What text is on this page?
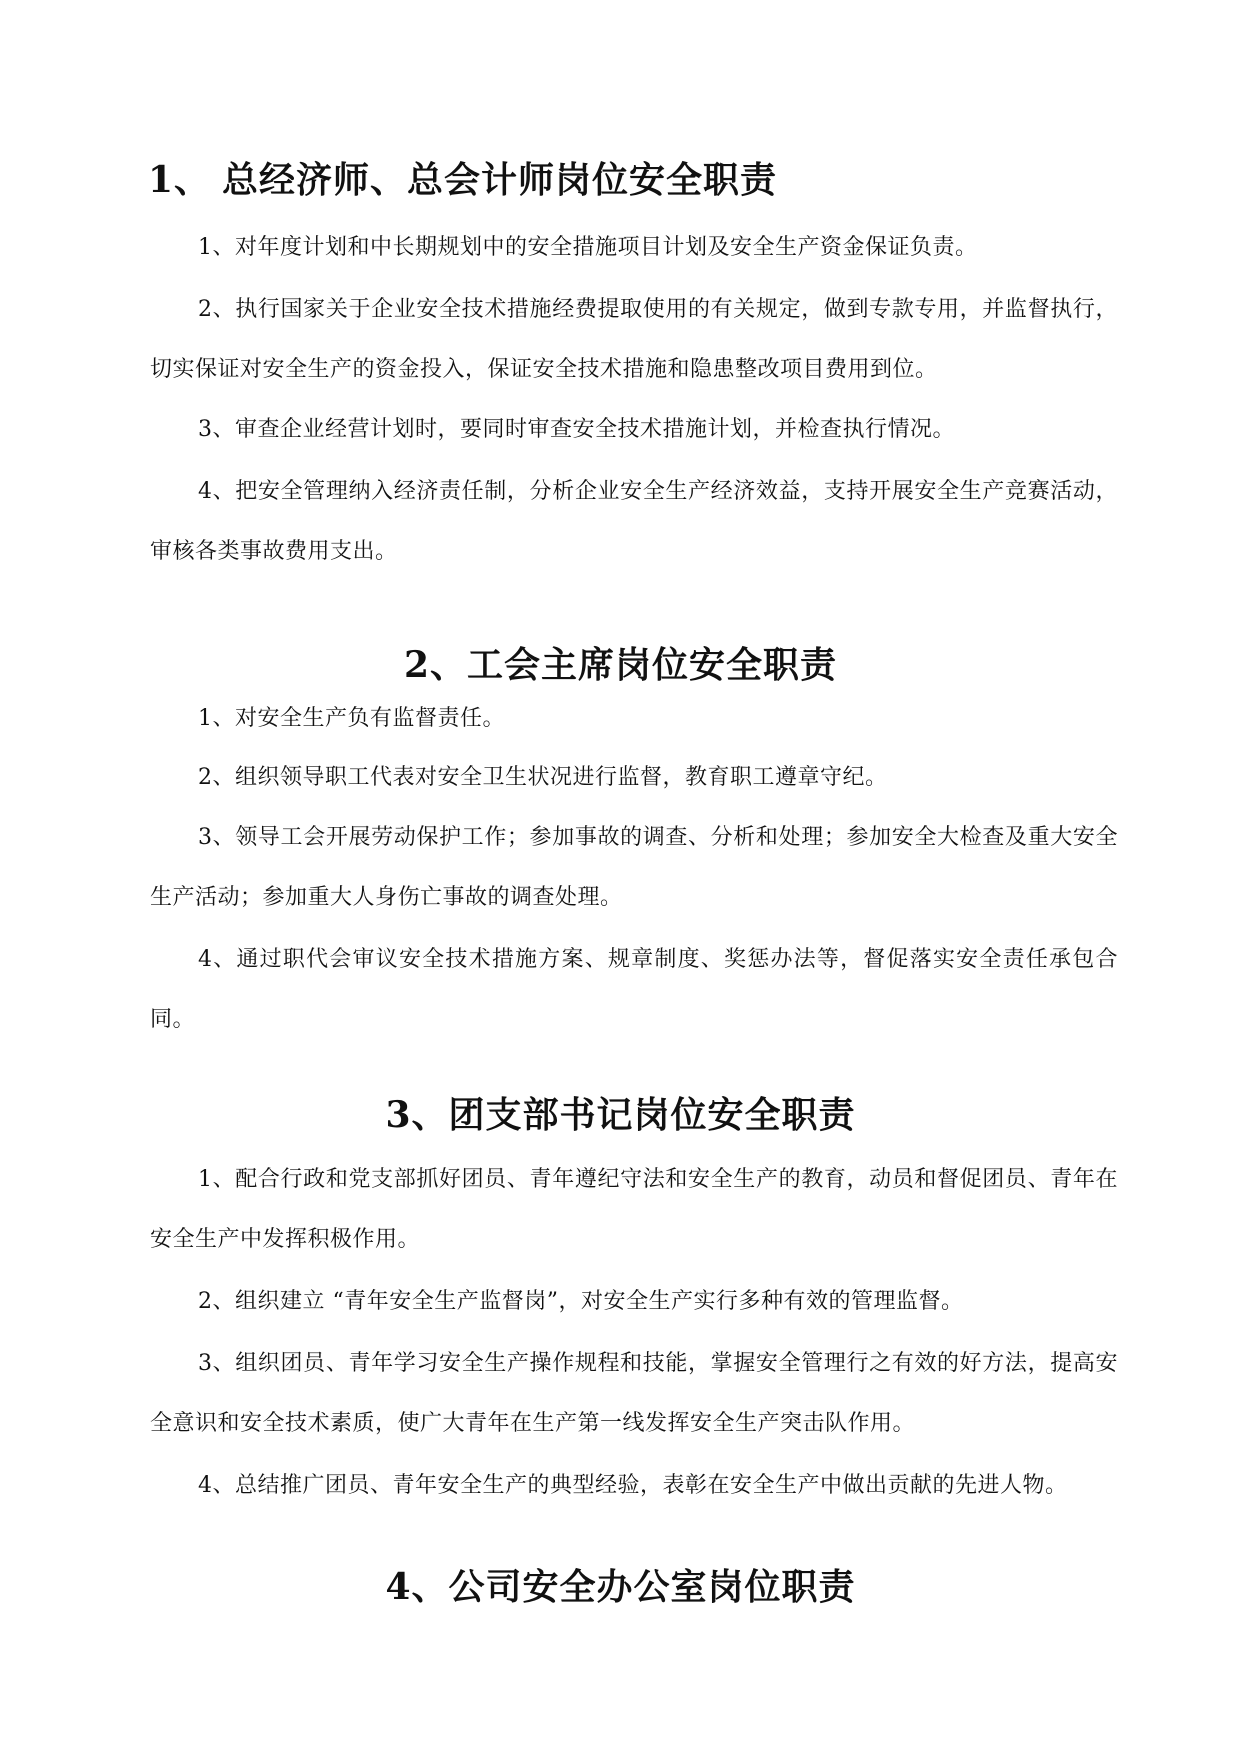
1、 总经济师、总会计师岗位安全职责

1、对年度计划和中长期规划中的安全措施项目计划及安全生产资金保证负责。

2、执行国家关于企业安全技术措施经费提取使用的有关规定，做到专款专用，并监督执行，切实保证对安全生产的资金投入，保证安全技术措施和隐患整改项目费用到位。

3、审查企业经营计划时，要同时审查安全技术措施计划，并检查执行情况。

4、把安全管理纳入经济责任制，分析企业安全生产经济效益，支持开展安全生产竞赛活动，审核各类事故费用支出。

2、工会主席岗位安全职责

1、对安全生产负有监督责任。

2、组织领导职工代表对安全卫生状况进行监督，教育职工遵章守纪。

3、领导工会开展劳动保护工作；参加事故的调查、分析和处理；参加安全大检查及重大安全生产活动；参加重大人身伤亡事故的调查处理。

4、通过职代会审议安全技术措施方案、规章制度、奖惩办法等，督促落实安全责任承包合同。

3、团支部书记岗位安全职责

1、配合行政和党支部抓好团员、青年遵纪守法和安全生产的教育，动员和督促团员、青年在安全生产中发挥积极作用。

2、组织建立 “青年安全生产监督岗”，对安全生产实行多种有效的管理监督。

3、组织团员、青年学习安全生产操作规程和技能，掌握安全管理行之有效的好方法，提高安全意识和安全技术素质，使广大青年在生产第一线发挥安全生产突击队作用。

4、总结推广团员、青年安全生产的典型经验，表彰在安全生产中做出贡献的先进人物。

4、公司安全办公室岗位职责
